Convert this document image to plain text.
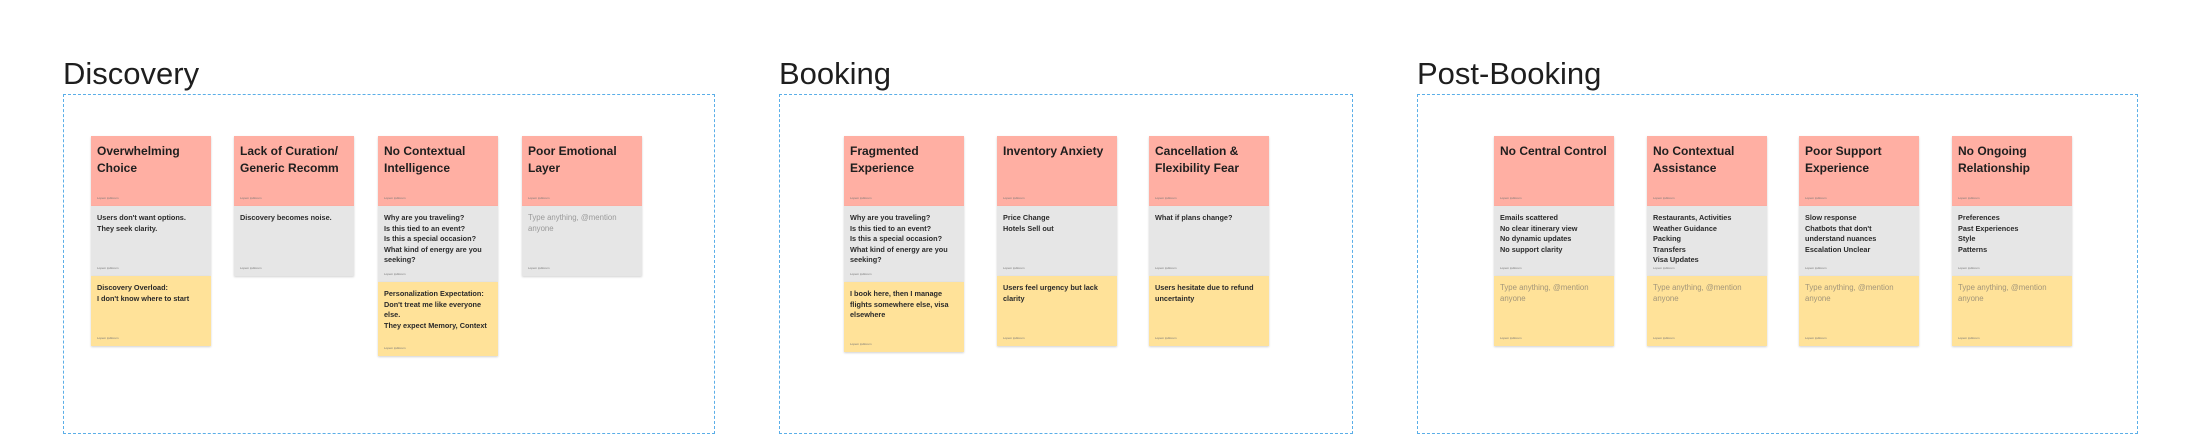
Discovery	Booking	Post-Booking
Overwhelming Choice
Lopem ipdlorem
Users don't want options.
They seek clarity.
Lopem ipdlorem
Discovery Overload:
I don't know where to start
Lopem ipdlorem
Lack of Curation/ Generic Recomm
Lopem ipdlorem
Discovery becomes noise.
Lopem ipdlorem
No Contextual Intelligence
Lopem ipdlorem
Why are you traveling?
Is this tied to an event?
Is this a special occasion?
What kind of energy are you seeking?
Lopem ipdlorem
Personalization Expectation:
Don't treat me like everyone else.
They expect Memory, Context
Lopem ipdlorem
Poor Emotional Layer
Lopem ipdlorem
Type anything, @mention anyone
Lopem ipdlorem
Fragmented Experience
Lopem ipdlorem
Why are you traveling?
Is this tied to an event?
Is this a special occasion?
What kind of energy are you seeking?
Lopem ipdlorem
I book here, then I manage flights somewhere else, visa elsewhere
Lopem ipdlorem
Inventory Anxiety
Lopem ipdlorem
Price Change
Hotels Sell out
Lopem ipdlorem
Users feel urgency but lack clarity
Lopem ipdlorem
Cancellation & Flexibility Fear
Lopem ipdlorem
What if plans change?
Lopem ipdlorem
Users hesitate due to refund uncertainty
Lopem ipdlorem
No Central Control
Lopem ipdlorem
Emails scattered
No clear itinerary view
No dynamic updates
No support clarity
Lopem ipdlorem
Type anything, @mention anyone
Lopem ipdlorem
No Contextual Assistance
Lopem ipdlorem
Restaurants, Activities
Weather Guidance
Packing
Transfers
Visa Updates
Lopem ipdlorem
Type anything, @mention anyone
Lopem ipdlorem
Poor Support Experience
Lopem ipdlorem
Slow response
Chatbots that don't understand nuances
Escalation Unclear
Lopem ipdlorem
Type anything, @mention anyone
Lopem ipdlorem
No Ongoing Relationship
Lopem ipdlorem
Preferences
Past Experiences
Style
Patterns
Lopem ipdlorem
Type anything, @mention anyone
Lopem ipdlorem
